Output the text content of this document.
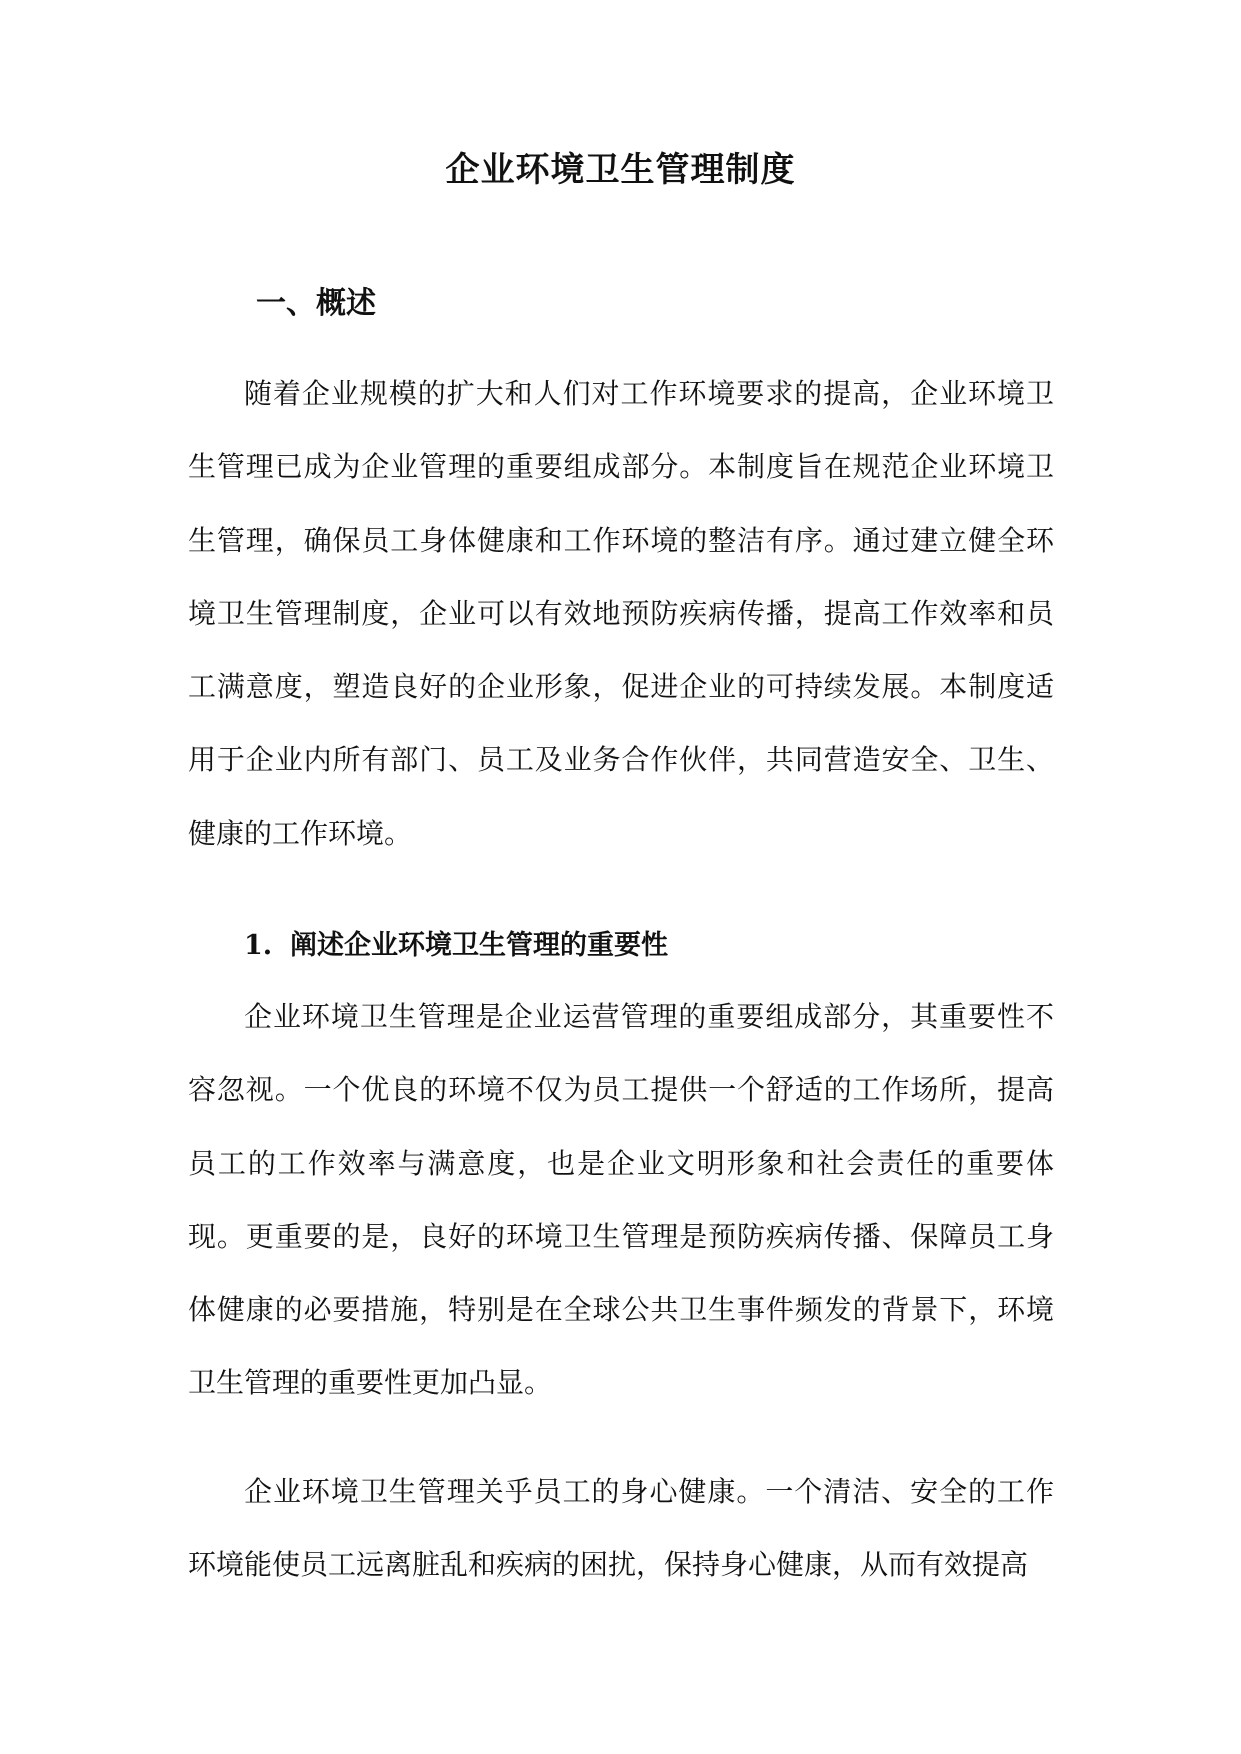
企业环境卫生管理制度
一、概述

随着企业规模的扩大和人们对工作环境要求的提高，企业环境卫生管理已成为企业管理的重要组成部分。本制度旨在规范企业环境卫生管理，确保员工身体健康和工作环境的整洁有序。通过建立健全环境卫生管理制度，企业可以有效地预防疾病传播，提高工作效率和员工满意度，塑造良好的企业形象，促进企业的可持续发展。本制度适用于企业内所有部门、员工及业务合作伙伴，共同营造安全、卫生、健康的工作环境。

1. 阐述企业环境卫生管理的重要性

企业环境卫生管理是企业运营管理的重要组成部分，其重要性不容忽视。一个优良的环境不仅为员工提供一个舒适的工作场所，提高员工的工作效率与满意度，也是企业文明形象和社会责任的重要体现。更重要的是，良好的环境卫生管理是预防疾病传播、保障员工身体健康的必要措施，特别是在全球公共卫生事件频发的背景下，环境卫生管理的重要性更加凸显。

企业环境卫生管理关乎员工的身心健康。一个清洁、安全的工作环境能使员工远离脏乱和疾病的困扰，保持身心健康，从而有效提高
